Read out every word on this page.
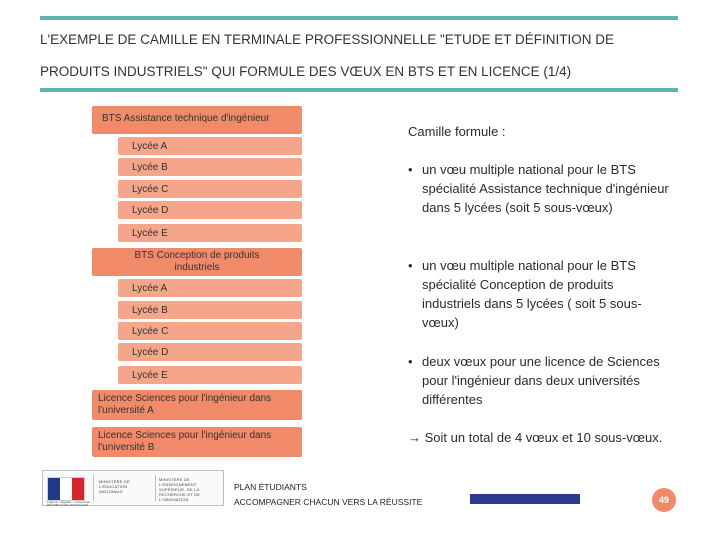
L'EXEMPLE DE CAMILLE EN TERMINALE PROFESSIONNELLE "ETUDE ET DÉFINITION DE PRODUITS INDUSTRIELS" QUI FORMULE DES VŒUX EN BTS ET EN LICENCE (1/4)
BTS Assistance technique d'ingénieur
Lycée A
Lycée B
Lycée C
Lycée D
Lycée E
BTS Conception de produits industriels
Lycée A
Lycée B
Lycée C
Lycée D
Lycée E
Licence Sciences pour l'ingénieur dans l'université A
Licence Sciences pour l'ingénieur dans l'université B
Camille formule :
• un vœu multiple national pour le BTS spécialité Assistance technique d'ingénieur dans 5 lycées (soit 5 sous-vœux)
• un vœu multiple national pour le BTS spécialité Conception de produits industriels dans 5 lycées ( soit 5 sous-vœux)
• deux vœux pour une licence de Sciences pour l'ingénieur dans deux universités différentes
→ Soit un total de 4 vœux et 10 sous-vœux.
Liberté • Égalité • Fraternité RÉPUBLIQUE FRANÇAISE
MINISTÈRE DE L'ÉDUCATION NATIONALE
MINISTÈRE DE L'ENSEIGNEMENT SUPÉRIEUR, DE LA RECHERCHE ET DE L'INNOVATION
PLAN ÉTUDIANTS
ACCOMPAGNER CHACUN VERS LA RÉUSSITE	49
